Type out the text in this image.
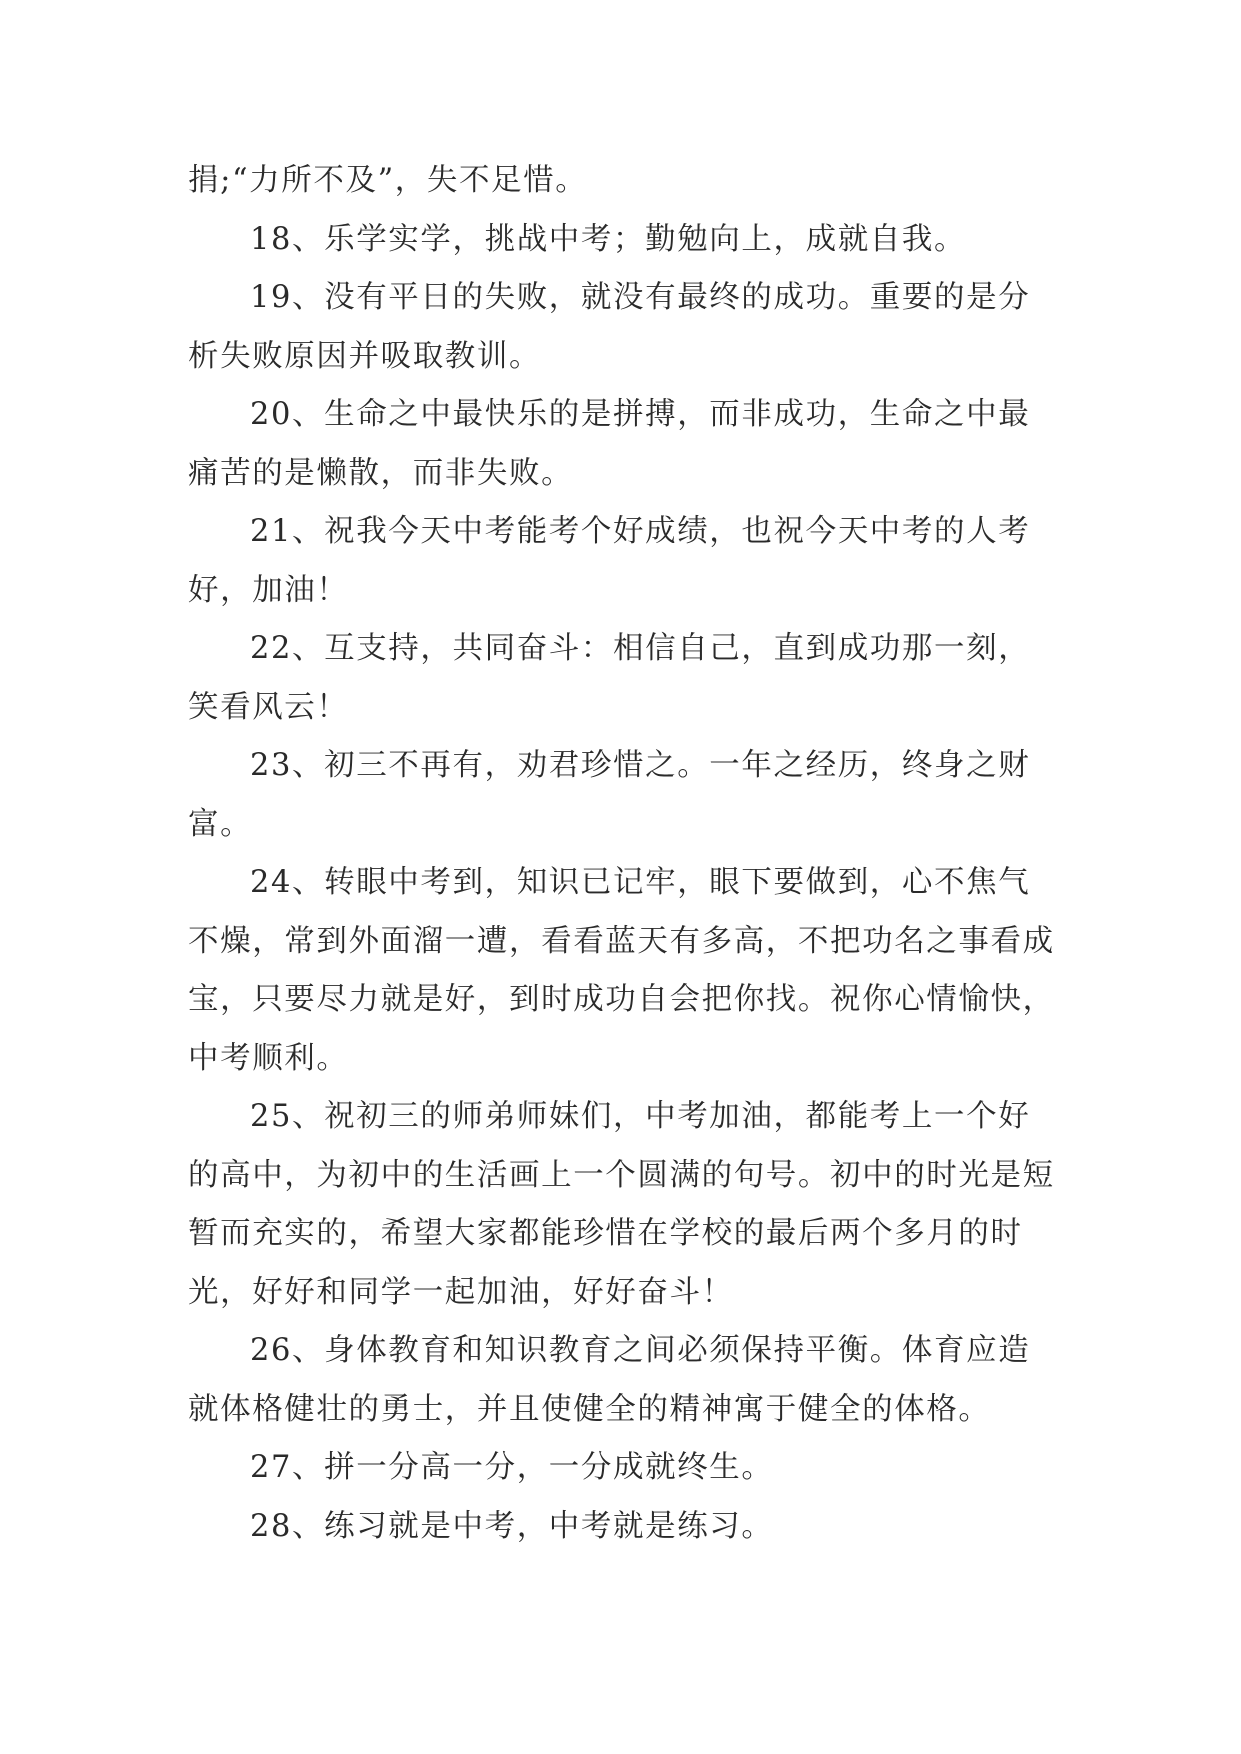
捐;“力所不及”，失不足惜。

18、乐学实学，挑战中考；勤勉向上，成就自我。

19、没有平日的失败，就没有最终的成功。重要的是分析失败原因并吸取教训。

20、生命之中最快乐的是拼搏，而非成功，生命之中最痛苦的是懒散，而非失败。

21、祝我今天中考能考个好成绩，也祝今天中考的人考好，加油！

22、互支持，共同奋斗：相信自己，直到成功那一刻，笑看风云！

23、初三不再有，劝君珍惜之。一年之经历，终身之财富。

24、转眼中考到，知识已记牢，眼下要做到，心不焦气不燥，常到外面溜一遭，看看蓝天有多高，不把功名之事看成宝，只要尽力就是好，到时成功自会把你找。祝你心情愉快，中考顺利。

25、祝初三的师弟师妹们，中考加油，都能考上一个好的高中，为初中的生活画上一个圆满的句号。初中的时光是短暂而充实的，希望大家都能珍惜在学校的最后两个多月的时光，好好和同学一起加油，好好奋斗！

26、身体教育和知识教育之间必须保持平衡。体育应造就体格健壮的勇士，并且使健全的精神寓于健全的体格。

27、拼一分高一分，一分成就终生。

28、练习就是中考，中考就是练习。
